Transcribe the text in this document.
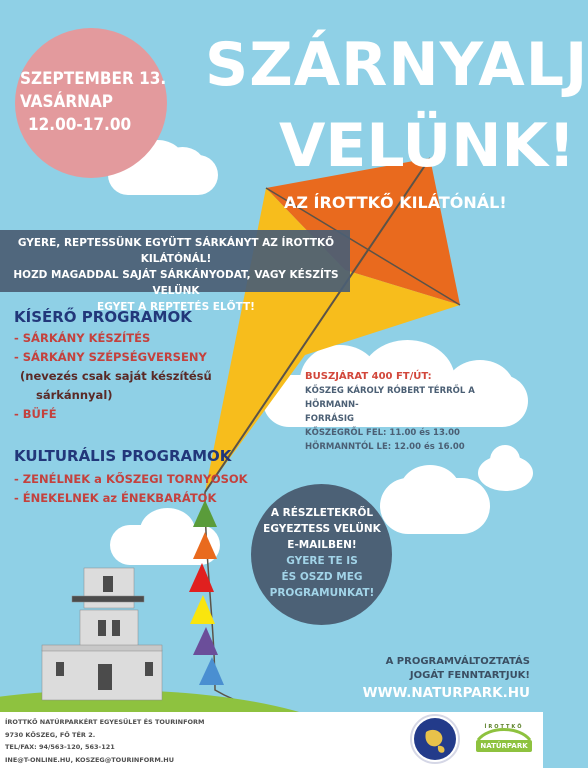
SZEPTEMBER 13.
VASÁRNAP
12.00-17.00
SZÁRNYALJ
VELÜNK!
AZ ÍROTTKŐ KILÁTÓNÁL!
GYERE, REPTESSÜNK EGYÜTT SÁRKÁNYT AZ ÍROTTKŐ KILÁTÓNÁL!
HOZD MAGADDAL SAJÁT SÁRKÁNYODAT, VAGY KÉSZÍTS VELÜNK
EGYET A REPTETÉS ELŐTT!
KÍSÉRŐ PROGRAMOK
- SÁRKÁNY KÉSZÍTÉS
- SÁRKÁNY SZÉPSÉGVERSENY
(nevezés csak saját készítésű
sárkánnyal)
- BÜFÉ
KULTURÁLIS PROGRAMOK
- ZENÉLNEK a KŐSZEGI TORNYOSOK
- ÉNEKELNEK az ÉNEKBARÁTOK
BUSZJÁRAT 400 FT/ÚT:
KŐSZEG KÁROLY RÓBERT TÉRRŐL A HÖRMANN-
FORRÁSIG
KŐSZEGRŐL FEL: 11.00 és 13.00
HÖRMANNTÓL LE: 12.00 és 16.00
A RÉSZLETEKRŐL
EGYEZTESS VELÜNK
E-MAILBEN!
GYERE TE IS
ÉS OSZD MEG
PROGRAMUNKAT!
A PROGRAMVÁLTOZTATÁS
JOGÁT FENNTARTJUK!
WWW.NATURPARK.HU
ÍROTTKŐ NATÚRPARKÉRT EGYESÜLET ÉS TOURINFORM
9730 KŐSZEG, FŐ TÉR 2.
TEL/FAX: 94/563-120, 563-121
INE@T-ONLINE.HU, KOSZEG@TOURINFORM.HU
ÍROTTKŐ
NATÚRPARK
